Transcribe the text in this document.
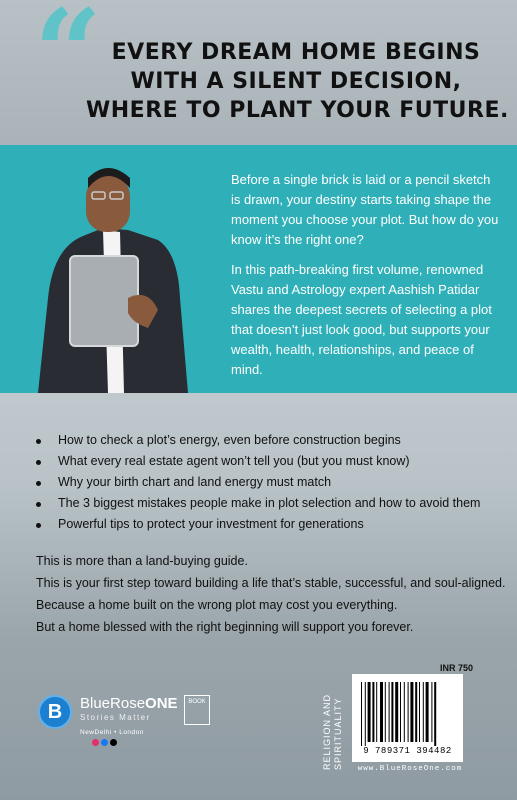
“ EVERY DREAM HOME BEGINS
WITH A SILENT DECISION,
WHERE TO PLANT YOUR FUTURE.

Before a single brick is laid or a pencil sketch is drawn, your destiny starts taking shape the moment you choose your plot. But how do you know it’s the right one?

In this path-breaking first volume, renowned Vastu and Astrology expert Aashish Patidar shares the deepest secrets of selecting a plot that doesn’t just look good, but supports your wealth, health, relationships, and peace of mind.

How to check a plot’s energy, even before construction begins
What every real estate agent won’t tell you (but you must know)
Why your birth chart and land energy must match
The 3 biggest mistakes people make in plot selection and how to avoid them
Powerful tips to protect your investment for generations

This is more than a land-buying guide.

This is your first step toward building a life that’s stable, successful, and soul-aligned.

Because a home built on the wrong plot may cost you everything.

But a home blessed with the right beginning will support you forever.

B	BlueRoseONE
Stories Matter
BOOK
NewDelhi • London	RELIGION AND SPIRITUALITY
INR 750
9 789371 394482
www.BlueRoseOne.com
